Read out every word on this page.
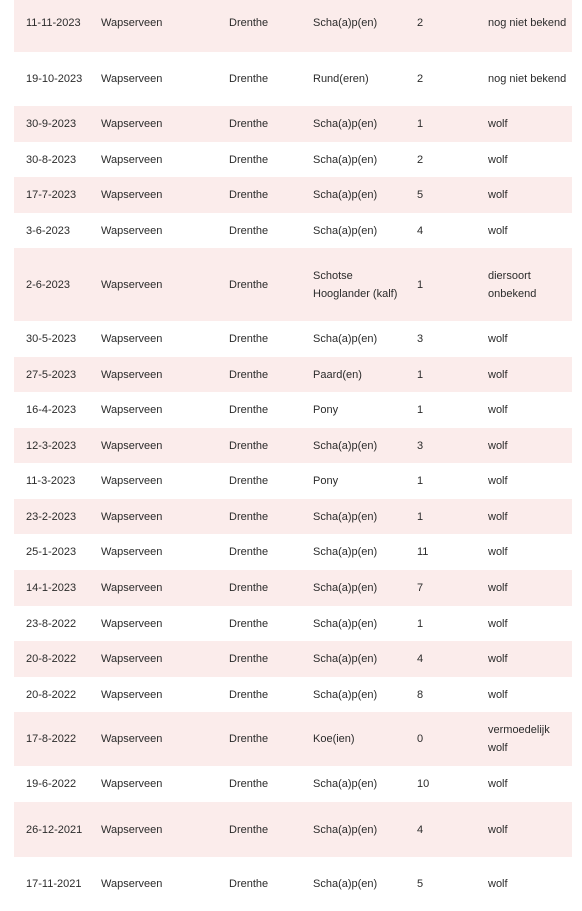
11-11-2023	Wapserveen	Drenthe	Scha(a)p(en)	2	nog niet bekend
19-10-2023	Wapserveen	Drenthe	Rund(eren)	2	nog niet bekend
30-9-2023	Wapserveen	Drenthe	Scha(a)p(en)	1	wolf
30-8-2023	Wapserveen	Drenthe	Scha(a)p(en)	2	wolf
17-7-2023	Wapserveen	Drenthe	Scha(a)p(en)	5	wolf
3-6-2023	Wapserveen	Drenthe	Scha(a)p(en)	4	wolf
2-6-2023	Wapserveen	Drenthe	Schotse Hooglander (kalf)	1	diersoort onbekend
30-5-2023	Wapserveen	Drenthe	Scha(a)p(en)	3	wolf
27-5-2023	Wapserveen	Drenthe	Paard(en)	1	wolf
16-4-2023	Wapserveen	Drenthe	Pony	1	wolf
12-3-2023	Wapserveen	Drenthe	Scha(a)p(en)	3	wolf
11-3-2023	Wapserveen	Drenthe	Pony	1	wolf
23-2-2023	Wapserveen	Drenthe	Scha(a)p(en)	1	wolf
25-1-2023	Wapserveen	Drenthe	Scha(a)p(en)	11	wolf
14-1-2023	Wapserveen	Drenthe	Scha(a)p(en)	7	wolf
23-8-2022	Wapserveen	Drenthe	Scha(a)p(en)	1	wolf
20-8-2022	Wapserveen	Drenthe	Scha(a)p(en)	4	wolf
20-8-2022	Wapserveen	Drenthe	Scha(a)p(en)	8	wolf
17-8-2022	Wapserveen	Drenthe	Koe(ien)	0	vermoedelijk wolf
19-6-2022	Wapserveen	Drenthe	Scha(a)p(en)	10	wolf
26-12-2021	Wapserveen	Drenthe	Scha(a)p(en)	4	wolf
17-11-2021	Wapserveen	Drenthe	Scha(a)p(en)	5	wolf
